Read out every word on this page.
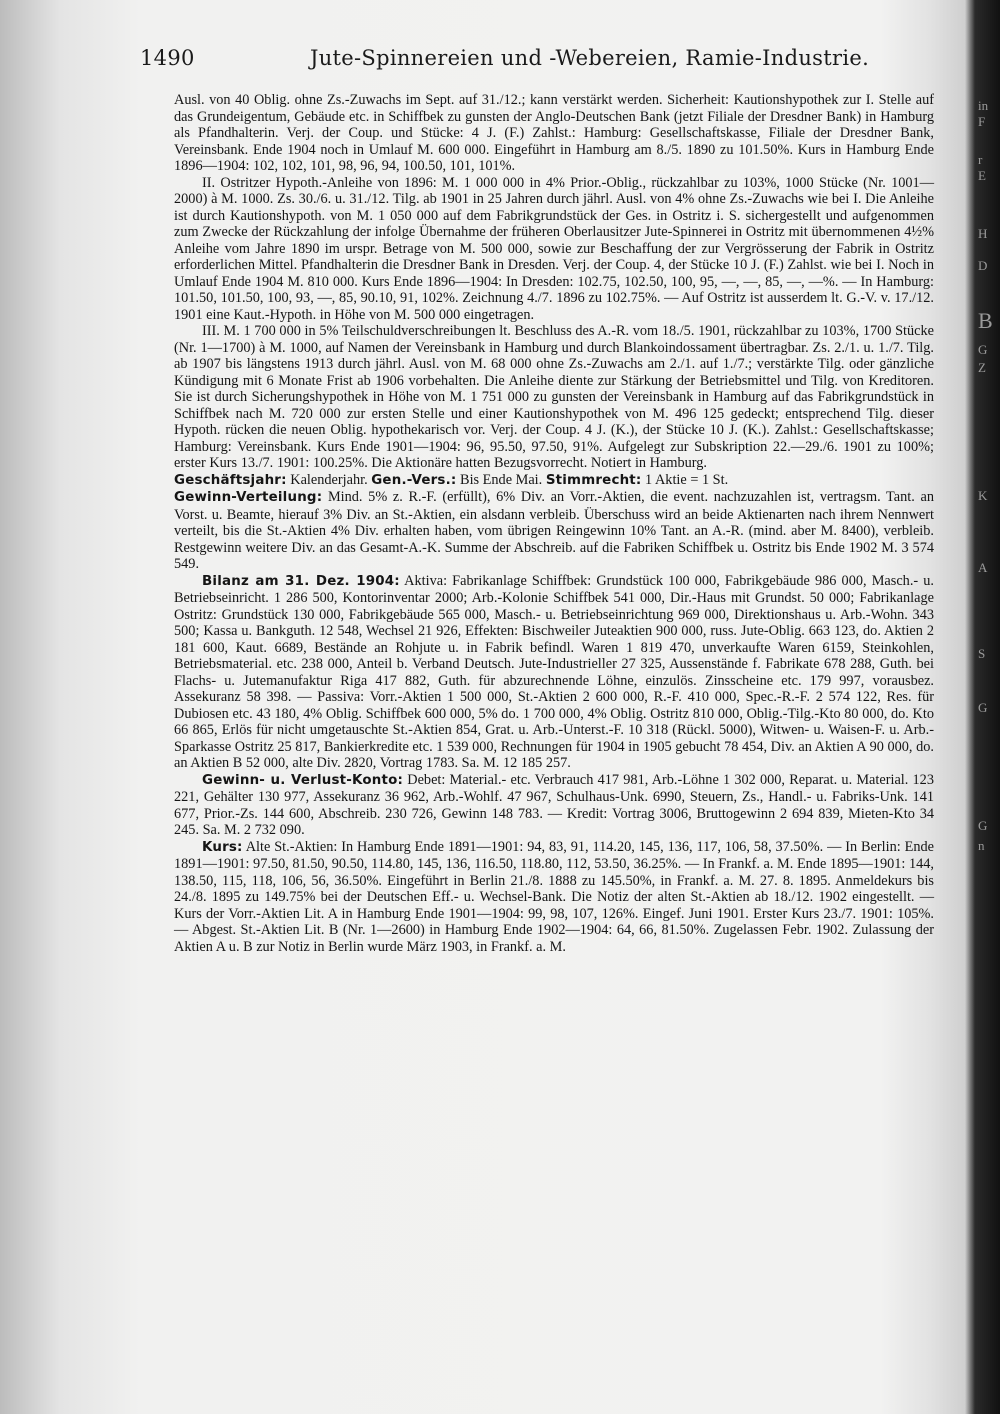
1490	Jute-Spinnereien und -Webereien, Ramie-Industrie.

Ausl. von 40 Oblig. ohne Zs.-Zuwachs im Sept. auf 31./12.; kann verstärkt werden. Sicherheit: Kautionshypothek zur I. Stelle auf das Grundeigentum, Gebäude etc. in Schiffbek zu gunsten der Anglo-Deutschen Bank (jetzt Filiale der Dresdner Bank) in Hamburg als Pfandhalterin. Verj. der Coup. und Stücke: 4 J. (F.) Zahlst.: Hamburg: Gesellschaftskasse, Filiale der Dresdner Bank, Vereinsbank. Ende 1904 noch in Umlauf M. 600 000. Eingeführt in Hamburg am 8./5. 1890 zu 101.50%. Kurs in Hamburg Ende 1896—1904: 102, 102, 101, 98, 96, 94, 100.50, 101, 101%.

II. Ostritzer Hypoth.-Anleihe von 1896: M. 1 000 000 in 4% Prior.-Oblig., rückzahlbar zu 103%, 1000 Stücke (Nr. 1001—2000) à M. 1000. Zs. 30./6. u. 31./12. Tilg. ab 1901 in 25 Jahren durch jährl. Ausl. von 4% ohne Zs.-Zuwachs wie bei I. Die Anleihe ist durch Kautionshypoth. von M. 1 050 000 auf dem Fabrikgrundstück der Ges. in Ostritz i. S. sichergestellt und aufgenommen zum Zwecke der Rückzahlung der infolge Übernahme der früheren Oberlausitzer Jute-Spinnerei in Ostritz mit übernommenen 4½% Anleihe vom Jahre 1890 im urspr. Betrage von M. 500 000, sowie zur Beschaffung der zur Vergrösserung der Fabrik in Ostritz erforderlichen Mittel. Pfandhalterin die Dresdner Bank in Dresden. Verj. der Coup. 4, der Stücke 10 J. (F.) Zahlst. wie bei I. Noch in Umlauf Ende 1904 M. 810 000. Kurs Ende 1896—1904: In Dresden: 102.75, 102.50, 100, 95, —, —, 85, —, —%. — In Hamburg: 101.50, 101.50, 100, 93, —, 85, 90.10, 91, 102%. Zeichnung 4./7. 1896 zu 102.75%. — Auf Ostritz ist ausserdem lt. G.-V. v. 17./12. 1901 eine Kaut.-Hypoth. in Höhe von M. 500 000 eingetragen.

III. M. 1 700 000 in 5% Teilschuldverschreibungen lt. Beschluss des A.-R. vom 18./5. 1901, rückzahlbar zu 103%, 1700 Stücke (Nr. 1—1700) à M. 1000, auf Namen der Vereinsbank in Hamburg und durch Blankoindossament übertragbar. Zs. 2./1. u. 1./7. Tilg. ab 1907 bis längstens 1913 durch jährl. Ausl. von M. 68 000 ohne Zs.-Zuwachs am 2./1. auf 1./7.; verstärkte Tilg. oder gänzliche Kündigung mit 6 Monate Frist ab 1906 vorbehalten. Die Anleihe diente zur Stärkung der Betriebsmittel und Tilg. von Kreditoren. Sie ist durch Sicherungshypothek in Höhe von M. 1 751 000 zu gunsten der Vereinsbank in Hamburg auf das Fabrikgrundstück in Schiffbek nach M. 720 000 zur ersten Stelle und einer Kautionshypothek von M. 496 125 gedeckt; entsprechend Tilg. dieser Hypoth. rücken die neuen Oblig. hypothekarisch vor. Verj. der Coup. 4 J. (K.), der Stücke 10 J. (K.). Zahlst.: Gesellschaftskasse; Hamburg: Vereinsbank. Kurs Ende 1901—1904: 96, 95.50, 97.50, 91%. Aufgelegt zur Subskription 22.—29./6. 1901 zu 100%; erster Kurs 13./7. 1901: 100.25%. Die Aktionäre hatten Bezugsvorrecht. Notiert in Hamburg.

Geschäftsjahr: Kalenderjahr. Gen.-Vers.: Bis Ende Mai. Stimmrecht: 1 Aktie = 1 St.

Gewinn-Verteilung: Mind. 5% z. R.-F. (erfüllt), 6% Div. an Vorr.-Aktien, die event. nachzuzahlen ist, vertragsm. Tant. an Vorst. u. Beamte, hierauf 3% Div. an St.-Aktien, ein alsdann verbleib. Überschuss wird an beide Aktienarten nach ihrem Nennwert verteilt, bis die St.-Aktien 4% Div. erhalten haben, vom übrigen Reingewinn 10% Tant. an A.-R. (mind. aber M. 8400), verbleib. Restgewinn weitere Div. an das Gesamt-A.-K. Summe der Abschreib. auf die Fabriken Schiffbek u. Ostritz bis Ende 1902 M. 3 574 549.

Bilanz am 31. Dez. 1904: Aktiva: Fabrikanlage Schiffbek: Grundstück 100 000, Fabrikgebäude 986 000, Masch.- u. Betriebseinricht. 1 286 500, Kontorinventar 2000; Arb.-Kolonie Schiffbek 541 000, Dir.-Haus mit Grundst. 50 000; Fabrikanlage Ostritz: Grundstück 130 000, Fabrikgebäude 565 000, Masch.- u. Betriebseinrichtung 969 000, Direktionshaus u. Arb.-Wohn. 343 500; Kassa u. Bankguth. 12 548, Wechsel 21 926, Effekten: Bischweiler Juteaktien 900 000, russ. Jute-Oblig. 663 123, do. Aktien 2 181 600, Kaut. 6689, Bestände an Rohjute u. in Fabrik befindl. Waren 1 819 470, unverkaufte Waren 6159, Steinkohlen, Betriebsmaterial. etc. 238 000, Anteil b. Verband Deutsch. Jute-Industrieller 27 325, Aussenstände f. Fabrikate 678 288, Guth. bei Flachs- u. Jutemanufaktur Riga 417 882, Guth. für abzurechnende Löhne, einzulös. Zinsscheine etc. 179 997, vorausbez. Assekuranz 58 398. — Passiva: Vorr.-Aktien 1 500 000, St.-Aktien 2 600 000, R.-F. 410 000, Spec.-R.-F. 2 574 122, Res. für Dubiosen etc. 43 180, 4% Oblig. Schiffbek 600 000, 5% do. 1 700 000, 4% Oblig. Ostritz 810 000, Oblig.-Tilg.-Kto 80 000, do. Kto 66 865, Erlös für nicht umgetauschte St.-Aktien 854, Grat. u. Arb.-Unterst.-F. 10 318 (Rückl. 5000), Witwen- u. Waisen-F. u. Arb.-Sparkasse Ostritz 25 817, Bankierkredite etc. 1 539 000, Rechnungen für 1904 in 1905 gebucht 78 454, Div. an Aktien A 90 000, do. an Aktien B 52 000, alte Div. 2820, Vortrag 1783. Sa. M. 12 185 257.

Gewinn- u. Verlust-Konto: Debet: Material.- etc. Verbrauch 417 981, Arb.-Löhne 1 302 000, Reparat. u. Material. 123 221, Gehälter 130 977, Assekuranz 36 962, Arb.-Wohlf. 47 967, Schulhaus-Unk. 6990, Steuern, Zs., Handl.- u. Fabriks-Unk. 141 677, Prior.-Zs. 144 600, Abschreib. 230 726, Gewinn 148 783. — Kredit: Vortrag 3006, Bruttogewinn 2 694 839, Mieten-Kto 34 245. Sa. M. 2 732 090.

Kurs: Alte St.-Aktien: In Hamburg Ende 1891—1901: 94, 83, 91, 114.20, 145, 136, 117, 106, 58, 37.50%. — In Berlin: Ende 1891—1901: 97.50, 81.50, 90.50, 114.80, 145, 136, 116.50, 118.80, 112, 53.50, 36.25%. — In Frankf. a. M. Ende 1895—1901: 144, 138.50, 115, 118, 106, 56, 36.50%. Eingeführt in Berlin 21./8. 1888 zu 145.50%, in Frankf. a. M. 27. 8. 1895. Anmeldekurs bis 24./8. 1895 zu 149.75% bei der Deutschen Eff.- u. Wechsel-Bank. Die Notiz der alten St.-Aktien ab 18./12. 1902 eingestellt. — Kurs der Vorr.-Aktien Lit. A in Hamburg Ende 1901—1904: 99, 98, 107, 126%. Eingef. Juni 1901. Erster Kurs 23./7. 1901: 105%. — Abgest. St.-Aktien Lit. B (Nr. 1—2600) in Hamburg Ende 1902—1904: 64, 66, 81.50%. Zugelassen Febr. 1902. Zulassung der Aktien A u. B zur Notiz in Berlin wurde März 1903, in Frankf. a. M.

in
F
r
E
H
D
B
G
Z
K
A
S
G
G
n
